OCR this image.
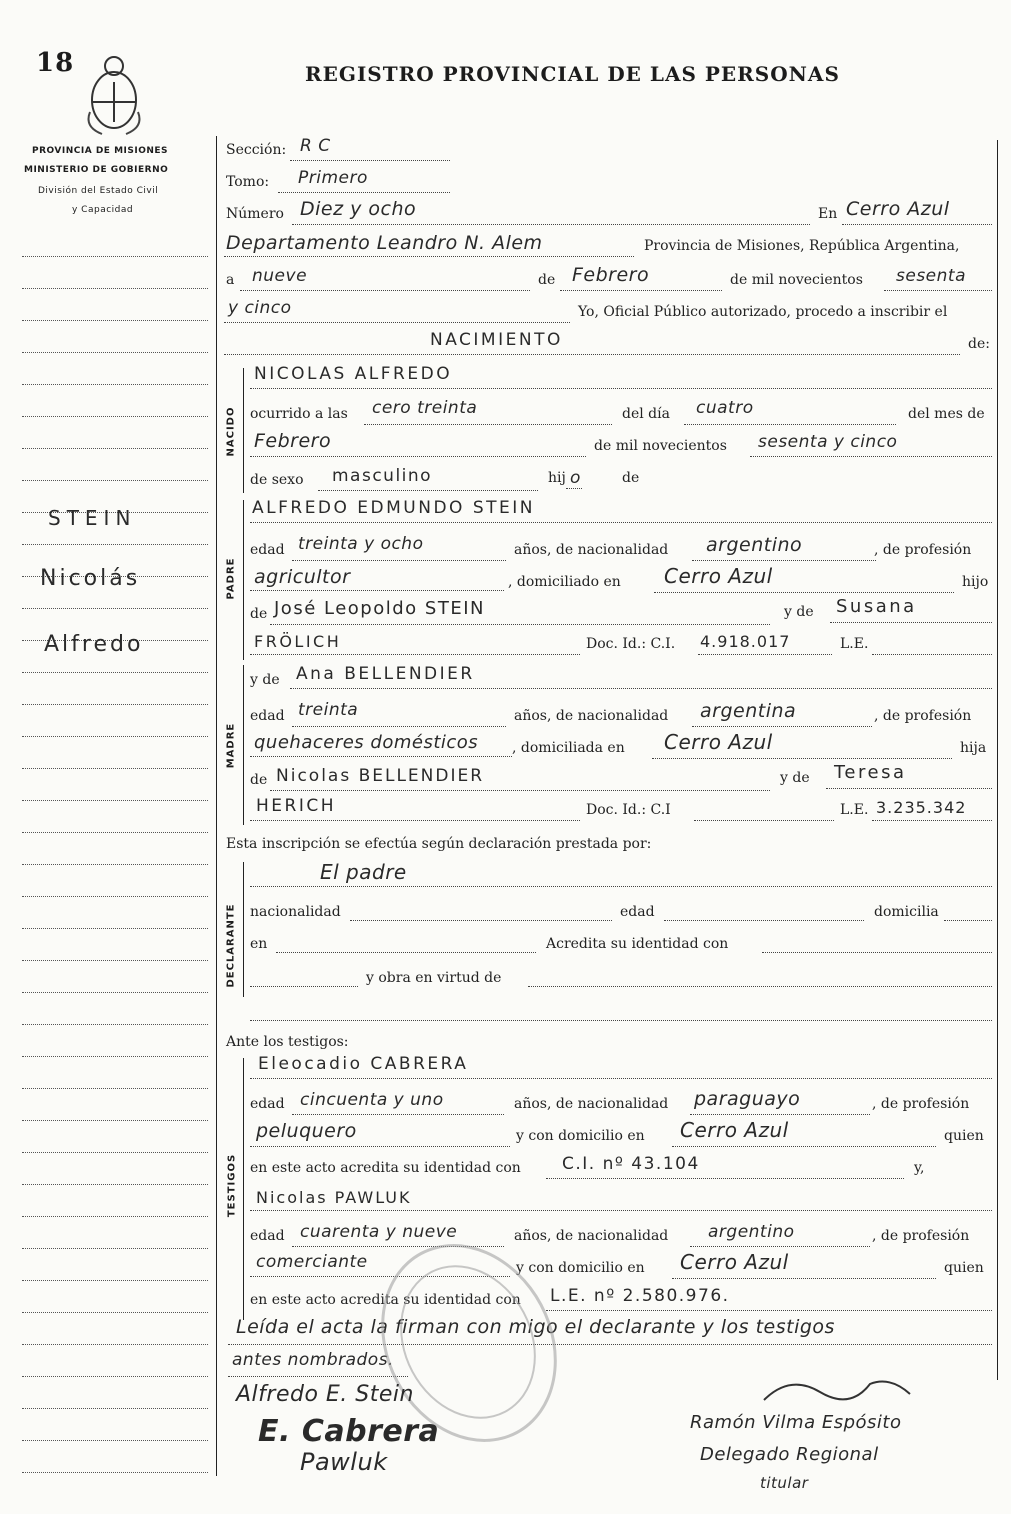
18	REGISTRO PROVINCIAL DE LAS PERSONAS
PROVINCIA DE MISIONES
MINISTERIO DE GOBIERNO
División del Estado Civil
y Capacidad
STEIN
Nicolás
Alfredo
NACIDO
PADRE
MADRE
DECLARANTE
TESTIGOS
Sección: R C
Tomo: Primero
Número Diez y ocho	En Cerro Azul
Departamento Leandro N. Alem	Provincia de Misiones, República Argentina,
a nueve	de Febrero	de mil novecientos sesenta
y cinco	Yo, Oficial Público autorizado, procedo a inscribir el
NACIMIENTO	de:
NICOLAS ALFREDO
ocurrido a las cero treinta	del día cuatro	del mes de
Febrero	de mil novecientos sesenta y cinco
de sexo masculino	hij o	de
ALFREDO EDMUNDO STEIN
edad treinta y ocho	años, de nacionalidad argentino	, de profesión
agricultor	, domiciliado en Cerro Azul	hijo
de José Leopoldo STEIN	y de Susana
FRÖLICH	Doc. Id.: C.I. 4.918.017	L.E.
y de Ana BELLENDIER
edad treinta	años, de nacionalidad argentina	, de profesión
quehaceres domésticos , domiciliada en Cerro Azul	hija
de Nicolas BELLENDIER	y de Teresa
HERICH	Doc. Id.: C.I	L.E. 3.235.342
Esta inscripción se efectúa según declaración prestada por:
El padre
nacionalidad	edad	domicilia
en	Acredita su identidad con
y obra en virtud de
Ante los testigos:
Eleocadio CABRERA
edad cincuenta y uno	años, de nacionalidad paraguayo	, de profesión
peluquero	y con domicilio en Cerro Azul	quien
en este acto acredita su identidad con C.I. nº 43.104	y,
Nicolas PAWLUK
edad cuarenta y nueve	años, de nacionalidad argentino	, de profesión
comerciante	y con domicilio en Cerro Azul	quien
en este acto acredita su identidad con L.E. nº 2.580.976.
Leída el acta la firman con migo el declarante y los testigos
antes nombrados.
Alfredo E. Stein
E. Cabrera
Pawluk
Ramón Vilma Espósito
Delegado Regional
titular
